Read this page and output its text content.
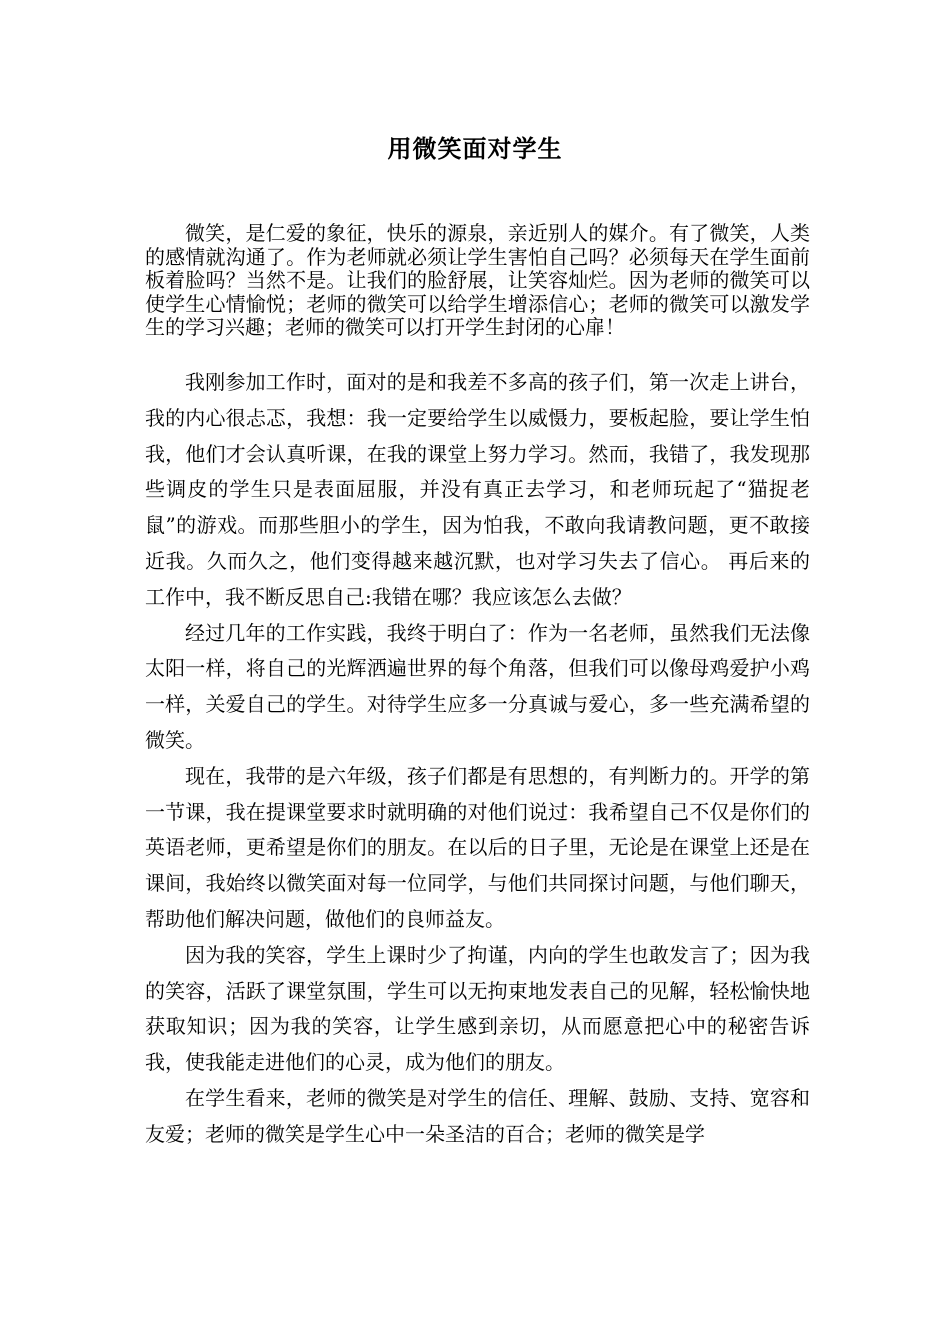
用微笑面对学生
微笑，是仁爱的象征，快乐的源泉，亲近别人的媒介。有了微笑，人类的感情就沟通了。作为老师就必须让学生害怕自己吗？必须每天在学生面前板着脸吗？当然不是。让我们的脸舒展，让笑容灿烂。因为老师的微笑可以使学生心情愉悦；老师的微笑可以给学生增添信心；老师的微笑可以激发学生的学习兴趣；老师的微笑可以打开学生封闭的心扉！

我刚参加工作时，面对的是和我差不多高的孩子们，第一次走上讲台，我的内心很忐忑，我想：我一定要给学生以威慑力，要板起脸，要让学生怕我，他们才会认真听课，在我的课堂上努力学习。然而，我错了，我发现那些调皮的学生只是表面屈服，并没有真正去学习，和老师玩起了“猫捉老鼠”的游戏。而那些胆小的学生，因为怕我，不敢向我请教问题，更不敢接近我。久而久之，他们变得越来越沉默，也对学习失去了信心。 再后来的工作中，我不断反思自己:我错在哪？我应该怎么去做？

经过几年的工作实践，我终于明白了：作为一名老师，虽然我们无法像太阳一样，将自己的光辉洒遍世界的每个角落，但我们可以像母鸡爱护小鸡一样，关爱自己的学生。对待学生应多一分真诚与爱心，多一些充满希望的微笑。

现在，我带的是六年级，孩子们都是有思想的，有判断力的。开学的第一节课，我在提课堂要求时就明确的对他们说过：我希望自己不仅是你们的英语老师，更希望是你们的朋友。在以后的日子里，无论是在课堂上还是在课间，我始终以微笑面对每一位同学，与他们共同探讨问题，与他们聊天，帮助他们解决问题，做他们的良师益友。

因为我的笑容，学生上课时少了拘谨，内向的学生也敢发言了；因为我的笑容，活跃了课堂氛围，学生可以无拘束地发表自己的见解，轻松愉快地获取知识；因为我的笑容，让学生感到亲切，从而愿意把心中的秘密告诉我，使我能走进他们的心灵，成为他们的朋友。

在学生看来，老师的微笑是对学生的信任、理解、鼓励、支持、宽容和友爱；老师的微笑是学生心中一朵圣洁的百合；老师的微笑是学
